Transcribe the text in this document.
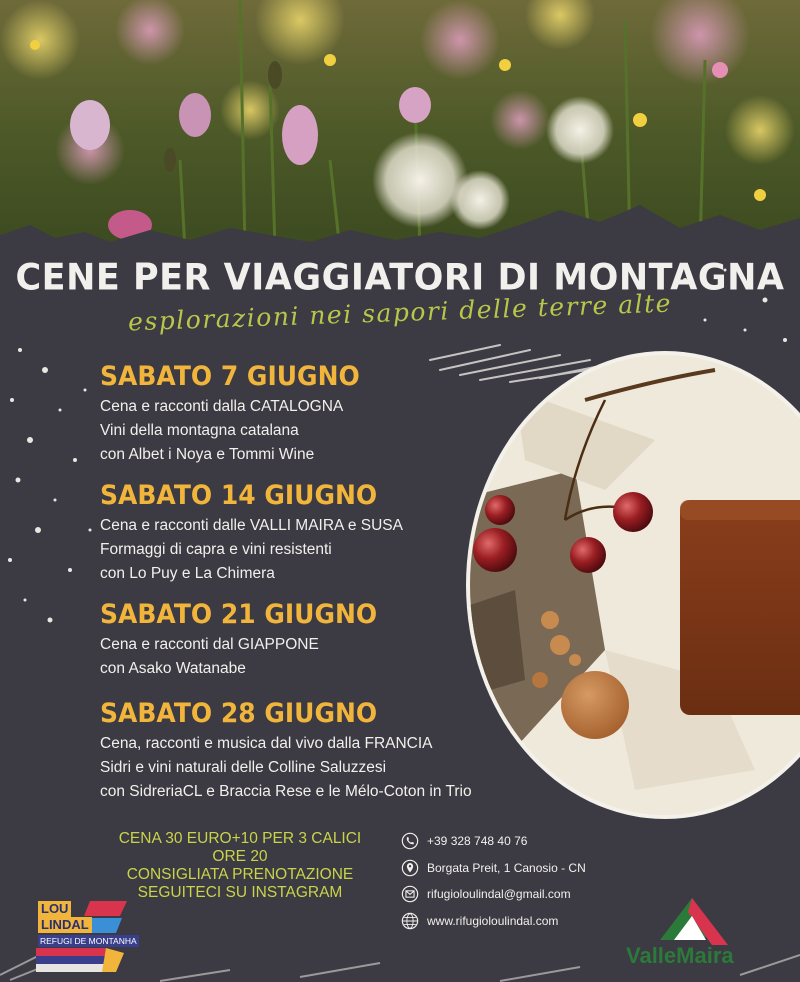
CENE PER VIAGGIATORI DI MONTAGNA
esplorazioni nei sapori delle terre alte
SABATO 7 GIUGNO
Cena e racconti dalla CATALOGNA
Vini della montagna catalana
con Albet i Noya e Tommi Wine
SABATO 14 GIUGNO
Cena e racconti dalle VALLI MAIRA e SUSA
Formaggi di capra e vini resistenti
con Lo Puy e La Chimera
SABATO 21 GIUGNO
Cena e racconti dal GIAPPONE
con Asako Watanabe
SABATO 28 GIUGNO
Cena, racconti e musica dal vivo dalla FRANCIA
Sidri e vini naturali delle Colline Saluzzesi
con SidreriaCL e Braccia Rese e le Mélo-Coton in Trio
CENA 30 EURO+10 PER 3 CALICI
ORE 20
CONSIGLIATA PRENOTAZIONE
SEGUITECI SU INSTAGRAM
+39 328 748 40 76
Borgata Preit, 1 Canosio - CN
rifugioloulindal@gmail.com
www.rifugioloulindal.com
LOU
LINDAL
REFUGI DE MONTANHA
ValleMaira
